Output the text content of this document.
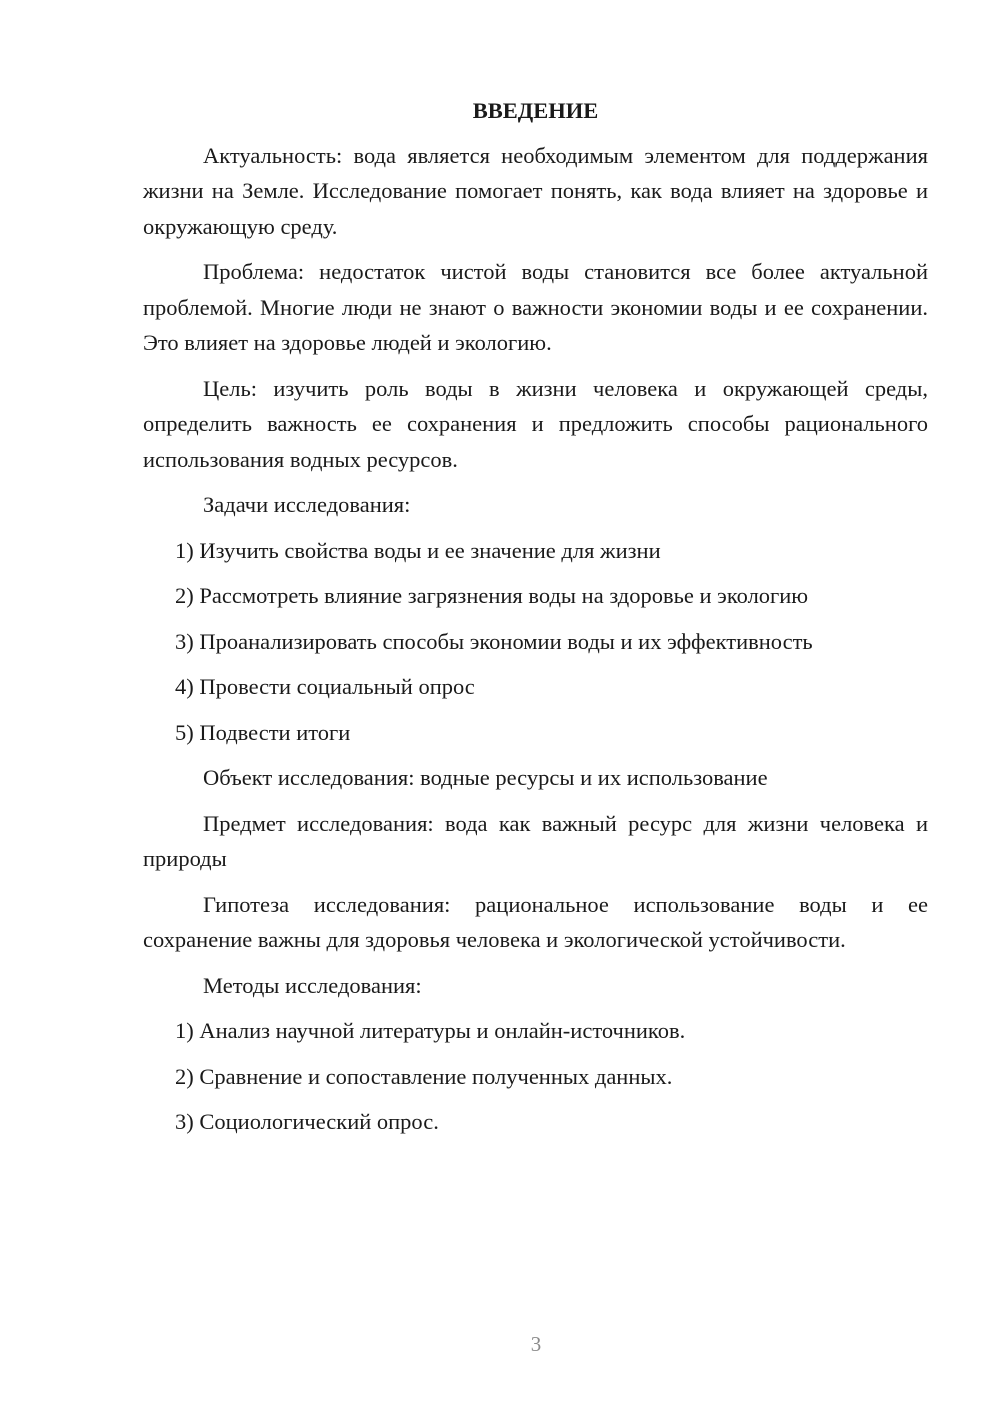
ВВЕДЕНИЕ

Актуальность: вода является необходимым элементом для поддержания жизни на Земле. Исследование помогает понять, как вода влияет на здоровье и окружающую среду.

Проблема: недостаток чистой воды становится все более актуальной проблемой. Многие люди не знают о важности экономии воды и ее сохранении. Это влияет на здоровье людей и экологию.

Цель: изучить роль воды в жизни человека и окружающей среды, определить важность ее сохранения и предложить способы рационального использования водных ресурсов.

Задачи исследования:

1) Изучить свойства воды и ее значение для жизни

2) Рассмотреть влияние загрязнения воды на здоровье и экологию

3) Проанализировать способы экономии воды и их эффективность

4) Провести социальный опрос

5) Подвести итоги

Объект исследования: водные ресурсы и их использование

Предмет исследования: вода как важный ресурс для жизни человека и природы

Гипотеза исследования: рациональное использование воды и ее сохранение важны для здоровья человека и экологической устойчивости.

Методы исследования:

1) Анализ научной литературы и онлайн-источников.

2) Сравнение и сопоставление полученных данных.

3) Социологический опрос.

3
